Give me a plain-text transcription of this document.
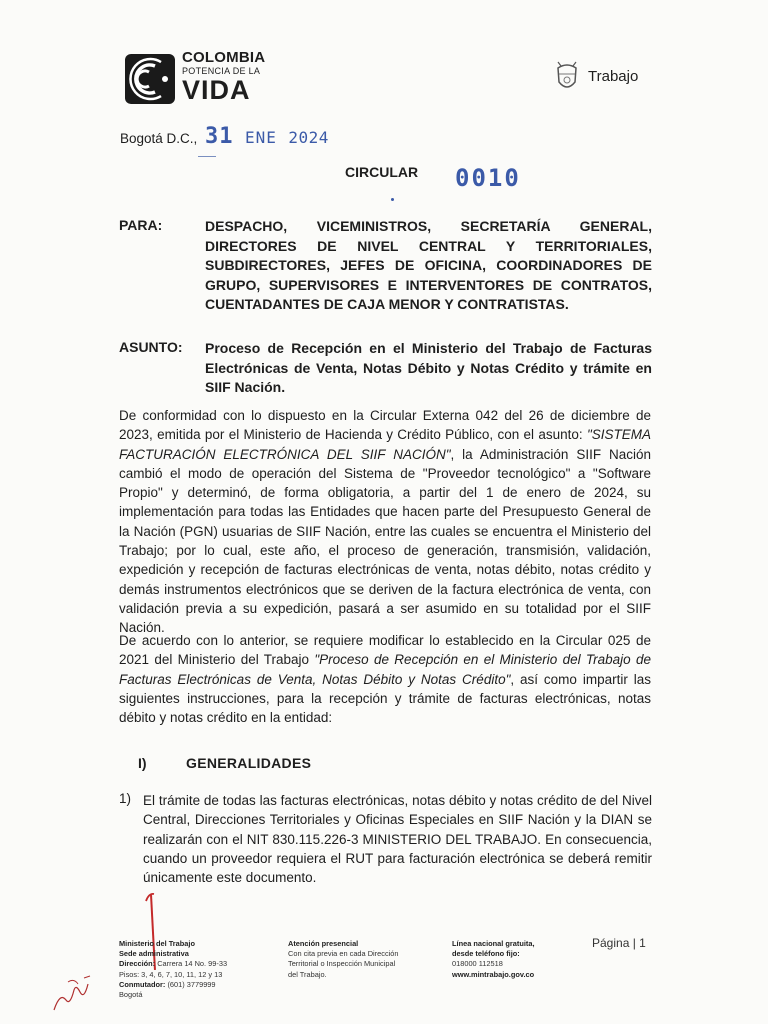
COLOMBIA
POTENCIA DE LA
VIDA	Trabajo
Bogotá D.C., 31 ENE 2024
CIRCULAR 0010
PARA:	DESPACHO, VICEMINISTROS, SECRETARÍA GENERAL, DIRECTORES DE NIVEL CENTRAL Y TERRITORIALES, SUBDIRECTORES, JEFES DE OFICINA, COORDINADORES DE GRUPO, SUPERVISORES E INTERVENTORES DE CONTRATOS, CUENTADANTES DE CAJA MENOR Y CONTRATISTAS.
ASUNTO: Proceso de Recepción en el Ministerio del Trabajo de Facturas Electrónicas de Venta, Notas Débito y Notas Crédito y trámite en SIIF Nación.
De conformidad con lo dispuesto en la Circular Externa 042 del 26 de diciembre de 2023, emitida por el Ministerio de Hacienda y Crédito Público, con el asunto: "SISTEMA FACTURACIÓN ELECTRÓNICA DEL SIIF NACIÓN", la Administración SIIF Nación cambió el modo de operación del Sistema de "Proveedor tecnológico" a "Software Propio" y determinó, de forma obligatoria, a partir del 1 de enero de 2024, su implementación para todas las Entidades que hacen parte del Presupuesto General de la Nación (PGN) usuarias de SIIF Nación, entre las cuales se encuentra el Ministerio del Trabajo; por lo cual, este año, el proceso de generación, transmisión, validación, expedición y recepción de facturas electrónicas de venta, notas débito, notas crédito y demás instrumentos electrónicos que se deriven de la factura electrónica de venta, con validación previa a su expedición, pasará a ser asumido en su totalidad por el SIIF Nación.
De acuerdo con lo anterior, se requiere modificar lo establecido en la Circular 025 de 2021 del Ministerio del Trabajo "Proceso de Recepción en el Ministerio del Trabajo de Facturas Electrónicas de Venta, Notas Débito y Notas Crédito", así como impartir las siguientes instrucciones, para la recepción y trámite de facturas electrónicas, notas débito y notas crédito en la entidad:
I)	GENERALIDADES
1) El trámite de todas las facturas electrónicas, notas débito y notas crédito de del Nivel Central, Direcciones Territoriales y Oficinas Especiales en SIIF Nación y la DIAN se realizarán con el NIT 830.115.226-3 MINISTERIO DEL TRABAJO. En consecuencia, cuando un proveedor requiera el RUT para facturación electrónica se deberá remitir únicamente este documento.
Ministerio del Trabajo
Sede administrativa
Dirección: Carrera 14 No. 99-33
Pisos: 3, 4, 6, 7, 10, 11, 12 y 13
Conmutador: (601) 3779999
Bogotá
Atención presencial
Con cita previa en cada Dirección
Territorial o Inspección Municipal
del Trabajo.
Línea nacional gratuita,
desde teléfono fijo:
018000 112518
www.mintrabajo.gov.co
Página | 1
